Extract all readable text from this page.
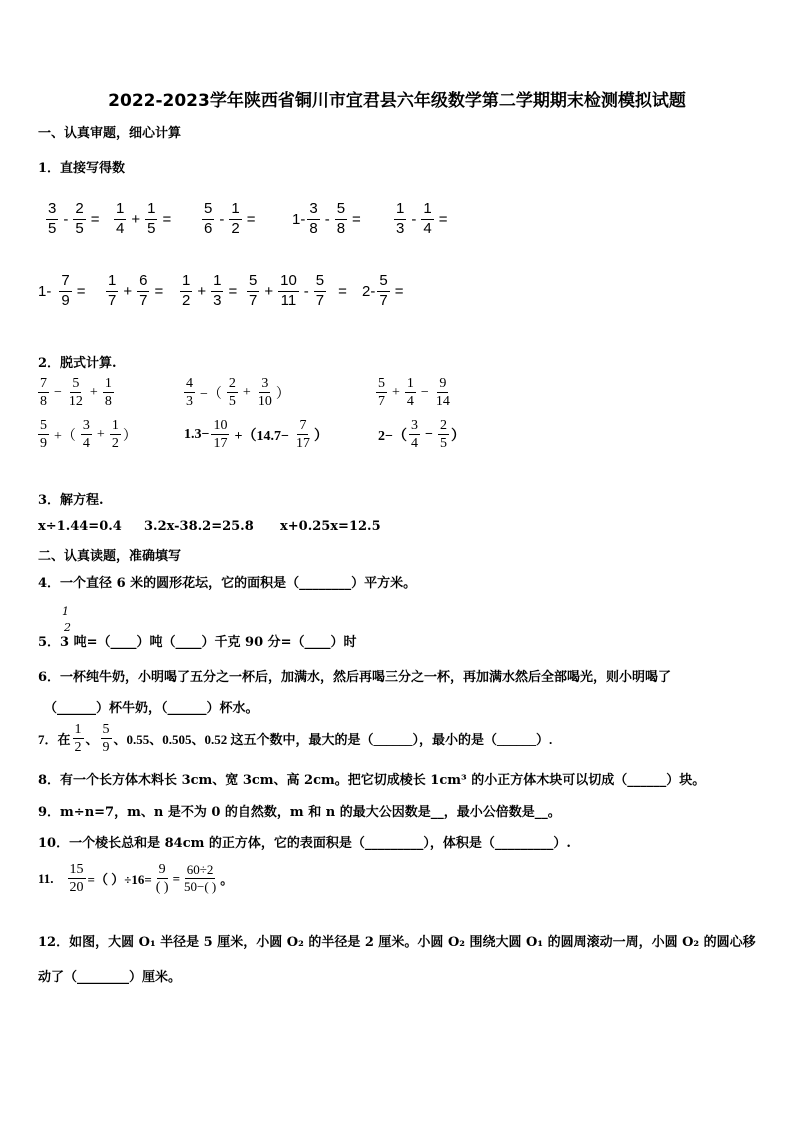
2022-2023学年陕西省铜川市宜君县六年级数学第二学期期末检测模拟试题
一、认真审题，细心计算
1．直接写得数
$\frac{3}{5} - \frac{2}{5} = \frac{1}{4} + \frac{1}{5} = \frac{5}{6} - \frac{1}{2} = 1- \frac{3}{8} - \frac{5}{8} = \frac{1}{3} - \frac{1}{4}$ =
$1- \frac{7}{9} = \frac{1}{7} + \frac{6}{7} = \frac{1}{2} + \frac{1}{3} = \frac{5}{7} + \frac{10}{11} - \frac{5}{7} = 2- \frac{5}{7}$ =
2．脱式计算.
$\frac{7}{8} - \frac{5}{12} + \frac{1}{8}$	$\frac{4}{3}$ −（ $\frac{2}{5} + \frac{3}{10}$ ）	$\frac{5}{7} + \frac{1}{4} - \frac{9}{14}$
$\frac{5}{9}$ +（ $\frac{3}{4} + \frac{1}{2}$ ）	$1.3- \frac{10}{17} +(14.7- \frac{7}{17}$ ）	$2-( \frac{3}{4} - \frac{2}{5}$ ）
3．解方程.
x÷1.44=0.4 3.2x-38.2=25.8 x+0.25x=12.5
二、认真读题，准确填写
4．一个直径 6 米的圆形花坛，它的面积是（________）平方米。
1
2
5．3 吨=（____）吨（____）千克 90 分=（____）时
6．一杯纯牛奶，小明喝了五分之一杯后，加满水，然后再喝三分之一杯，再加满水然后全部喝光，则小明喝了
（______）杯牛奶，（______）杯水。
7．在 $\frac{1}{2}$ 、 $\frac{5}{9}$ 、0.55、0.505、0.52 这五个数中，最大的是（______），最小的是（______）.
8．有一个长方体木料长 3cm、宽 3cm、高 2cm。把它切成棱长 1cm³ 的小正方体木块可以切成（______）块。
9．m÷n=7，m、n 是不为 0 的自然数，m 和 n 的最大公因数是__，最小公倍数是__。
10．一个棱长总和是 84cm 的正方体，它的表面积是（_________），体积是（_________）.
11. $\frac{15}{20}$ =（ ）$\div 16= \frac{9}{( )} = \frac{60\div 2}{50-( )}$ 。
12．如图，大圆 O₁ 半径是 5 厘米，小圆 O₂ 的半径是 2 厘米。小圆 O₂ 围绕大圆 O₁ 的圆周滚动一周，小圆 O₂ 的圆心移
动了（________）厘米。
